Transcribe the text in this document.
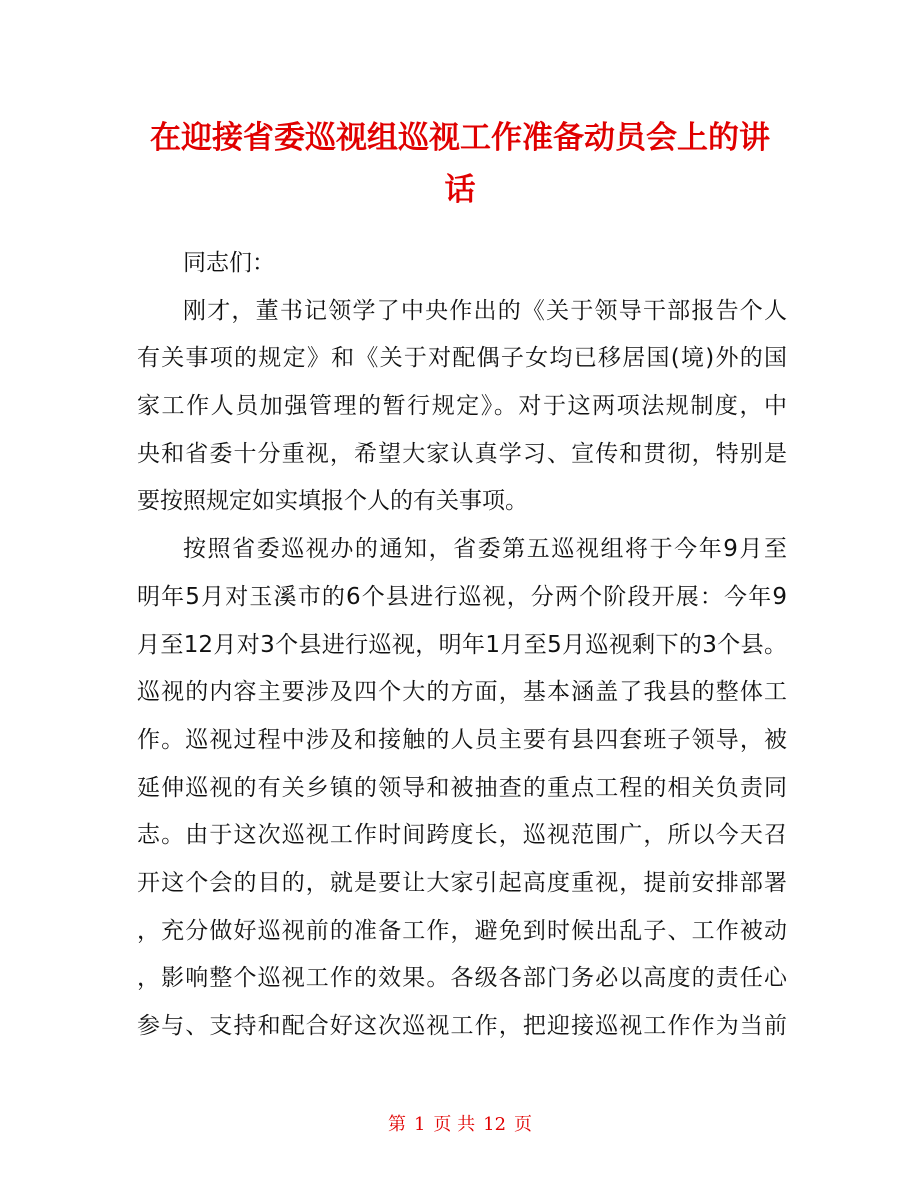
在迎接省委巡视组巡视工作准备动员会上的讲
话
同志们：
刚才，董书记领学了中央作出的《关于领导干部报告个人
有关事项的规定》和《关于对配偶子女均已移居国(境)外的国
家工作人员加强管理的暂行规定》。对于这两项法规制度，中
央和省委十分重视，希望大家认真学习、宣传和贯彻，特别是
要按照规定如实填报个人的有关事项。
按照省委巡视办的通知，省委第五巡视组将于今年9月至
明年5月对玉溪市的6个县进行巡视，分两个阶段开展：今年9
月至12月对3个县进行巡视，明年1月至5月巡视剩下的3个县。
巡视的内容主要涉及四个大的方面，基本涵盖了我县的整体工
作。巡视过程中涉及和接触的人员主要有县四套班子领导，被
延伸巡视的有关乡镇的领导和被抽查的重点工程的相关负责同
志。由于这次巡视工作时间跨度长，巡视范围广，所以今天召
开这个会的目的，就是要让大家引起高度重视，提前安排部署
，充分做好巡视前的准备工作，避免到时候出乱子、工作被动
，影响整个巡视工作的效果。各级各部门务必以高度的责任心
参与、支持和配合好这次巡视工作，把迎接巡视工作作为当前
第 1 页 共 12 页
